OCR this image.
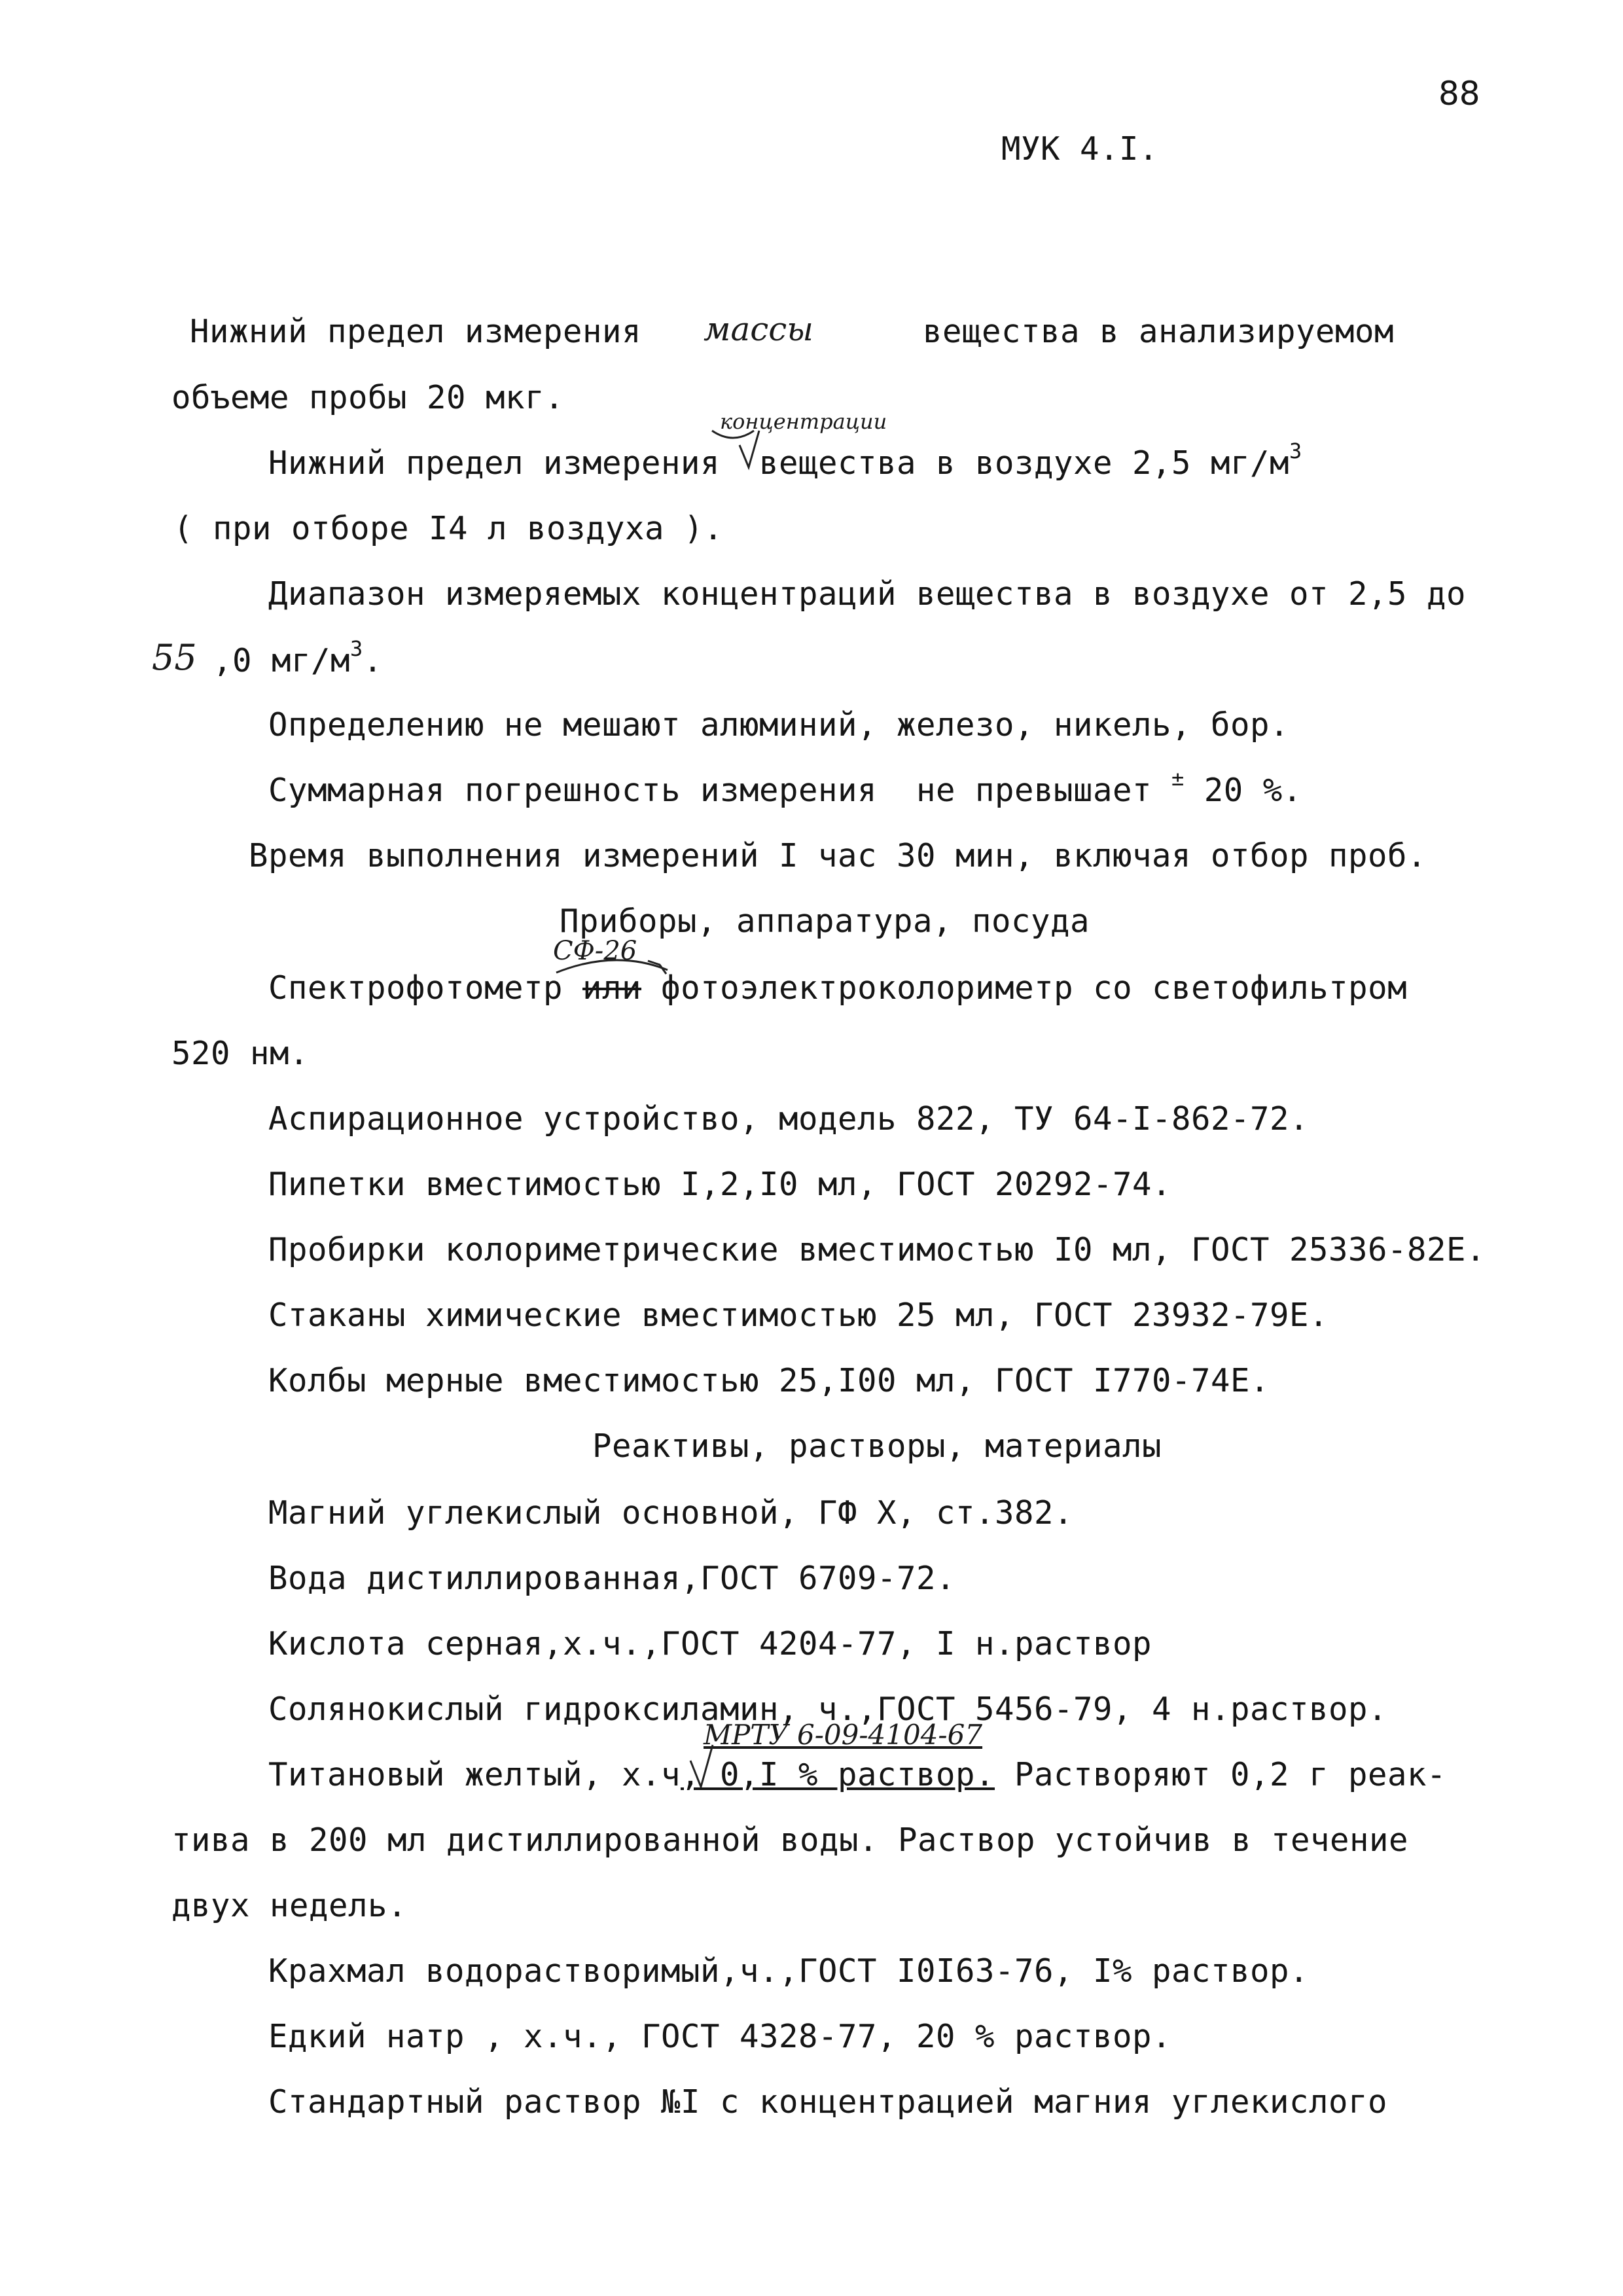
88
МУК 4.I.
Нижний предел измерения массы	вещества в анализируемом
объеме пробы 20 мкг.
концентрации
Нижний предел измерения вещества в воздухе 2,5 $мг/м^3$
( при отборе I4 л воздуха ).
Диапазон измеряемых концентраций вещества в воздухе от 2,5 до
55 ,0 $мг/м^3$.
Определению не мешают алюминий, железо, никель, бор.
Суммарная погрешность измерения  не превышает ± 20 %.
Время выполнения измерений I час 30 мин, включая отбор проб.
Приборы, аппаратура, посуда
СФ-26
Спектрофотометр или фотоэлектроколориметр со светофильтром
520 нм.
Аспирационное устройство, модель 822, ТУ 64-I-862-72.
Пипетки вместимостью I,2,I0 мл, ГОСТ 20292-74.
Пробирки колориметрические вместимостью I0 мл, ГОСТ 25336-82Е.
Стаканы химические вместимостью 25 мл, ГОСТ 23932-79Е.
Колбы мерные вместимостью 25,I00 мл, ГОСТ I770-74Е.
Реактивы, растворы, материалы
Магний углекислый основной, ГФ Х, ст.382.
Вода дистиллированная,ГОСТ 6709-72.
Кислота серная,х.ч.,ГОСТ 4204-77, I н.раствор
Солянокислый гидроксиламин, ч.,ГОСТ 5456-79, 4 н.раствор.
МРТУ 6-09-4104-67
Титановый желтый, х.ч, 0,I % раствор. Растворяют 0,2 г реак-
тива в 200 мл дистиллированной воды. Раствор устойчив в течение
двух недель.
Крахмал водорастворимый,ч.,ГОСТ I0I63-76, I% раствор.
Едкий натр , х.ч., ГОСТ 4328-77, 20 % раствор.
Стандартный раствор №I с концентрацией магния углекислого
